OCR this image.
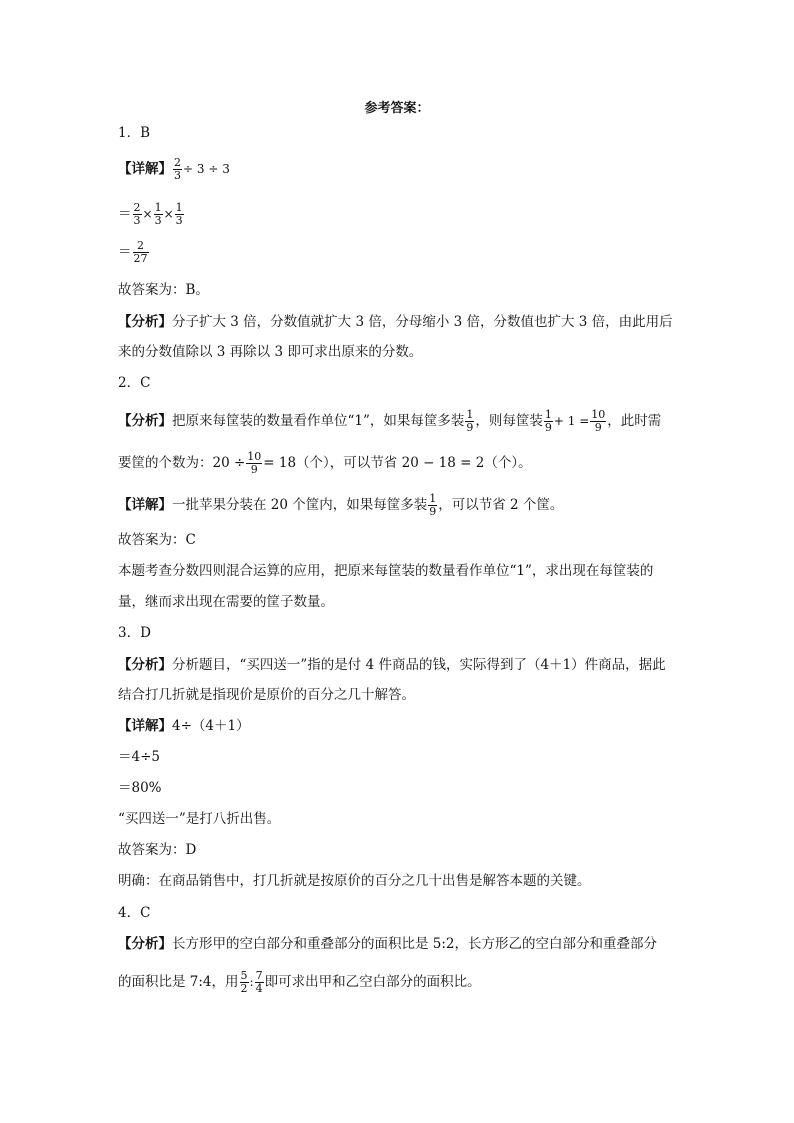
参考答案：
1．B
【详解】 $\frac{2}{3} \div 3 \div 3$
＝ $\frac{2}{3} \times \frac{1}{3} \times \frac{1}{3}$
＝ $\frac{2}{27}$
故答案为：B。
【分析】分子扩大 3 倍，分数值就扩大 3 倍，分母缩小 3 倍，分数值也扩大 3 倍，由此用后
来的分数值除以 3 再除以 3 即可求出原来的分数。
2．C
【分析】把原来每筐装的数量看作单位“1”，如果每筐多装 $\frac{1}{9}$ ，则每筐装 $\frac{1}{9} + 1 = \frac{10}{9}$ ，此时需
要筐的个数为：$20 \div \frac{10}{9} = 18$（个），可以节省 20 − 18 = 2（个）。
【详解】一批苹果分装在 20 个筐内，如果每筐多装 $\frac{1}{9}$ ，可以节省 2 个筐。
故答案为：C
本题考查分数四则混合运算的应用，把原来每筐装的数量看作单位“1”，求出现在每筐装的
量，继而求出现在需要的筐子数量。
3．D
【分析】分析题目，“买四送一”指的是付 4 件商品的钱，实际得到了（4＋1）件商品，据此
结合打几折就是指现价是原价的百分之几十解答。
【详解】4÷（4＋1）
＝4÷5
＝80%
“买四送一”是打八折出售。
故答案为：D
明确：在商品销售中，打几折就是按原价的百分之几十出售是解答本题的关键。
4．C
【分析】长方形甲的空白部分和重叠部分的面积比是 5:2，长方形乙的空白部分和重叠部分
的面积比是 7:4，用 $\frac{5}{2}$ : $\frac{7}{4}$ 即可求出甲和乙空白部分的面积比。
